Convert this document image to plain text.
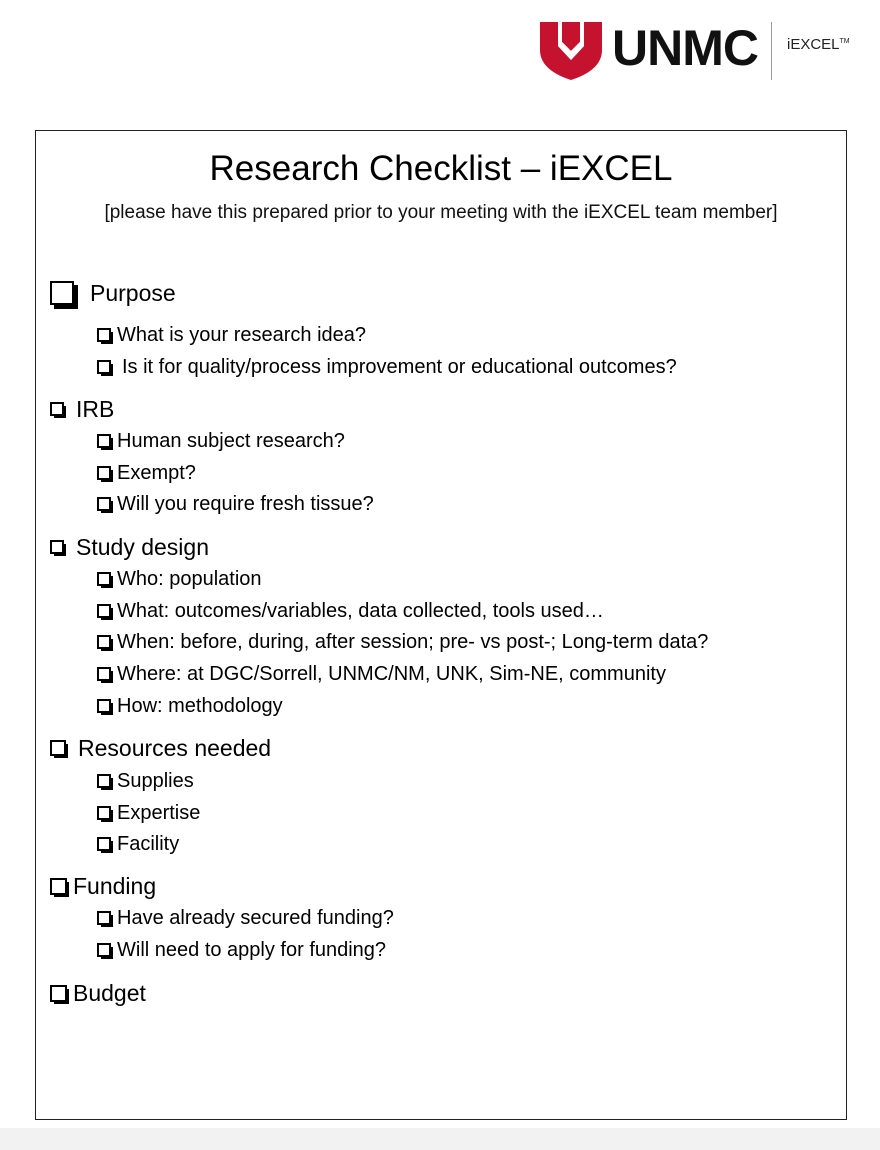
UNMC iEXCEL™
Research Checklist – iEXCEL
[please have this prepared prior to your meeting with the iEXCEL team member]
Purpose
What is your research idea?
Is it for quality/process improvement or educational outcomes?
IRB
Human subject research?
Exempt?
Will you require fresh tissue?
Study design
Who: population
What: outcomes/variables, data collected, tools used…
When: before, during, after session; pre- vs post-; Long-term data?
Where: at DGC/Sorrell, UNMC/NM, UNK, Sim-NE, community
How: methodology
Resources needed
Supplies
Expertise
Facility
Funding
Have already secured funding?
Will need to apply for funding?
Budget
